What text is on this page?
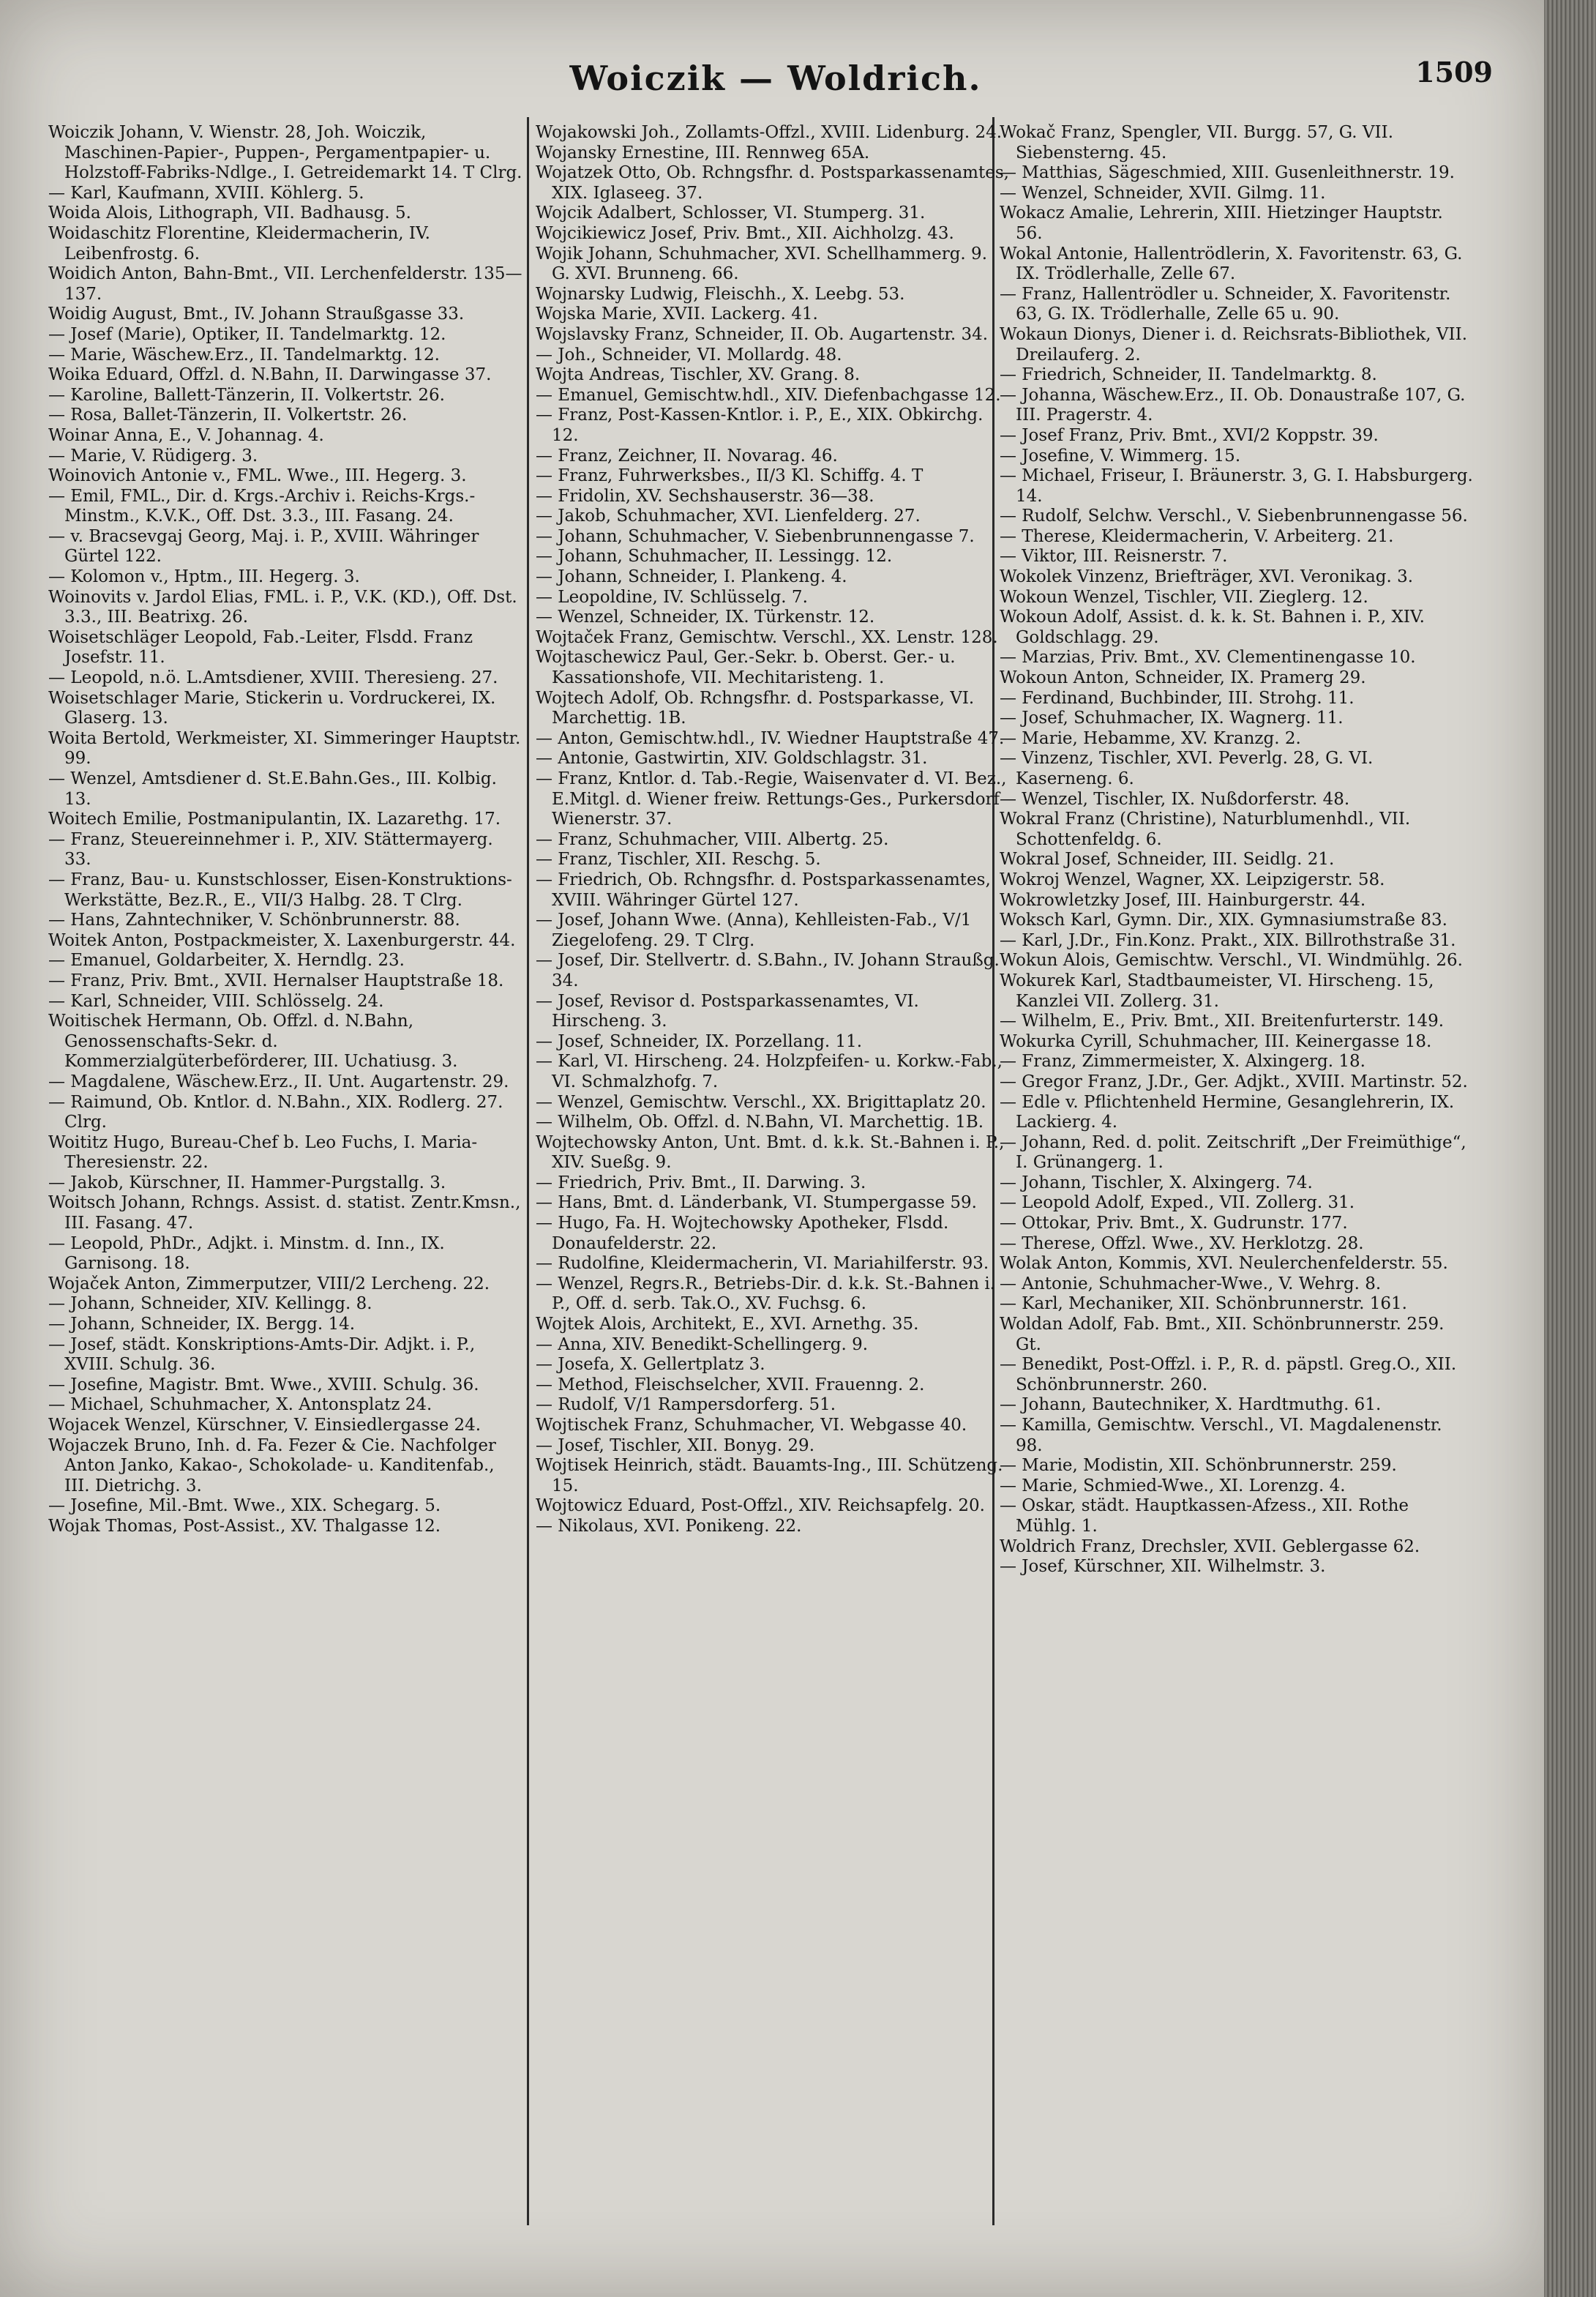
Woiczik — Woldrich.	1509

Woiczik Johann, V. Wienstr. 28, Joh. Woiczik, Maschinen-Papier-, Puppen-, Pergamentpapier- u. Holzstoff-Fabriks-Ndlge., I. Getreidemarkt 14. T Clrg.

— Karl, Kaufmann, XVIII. Köhlerg. 5.

Woida Alois, Lithograph, VII. Badhausg. 5.

Woidaschitz Florentine, Kleidermacherin, IV. Leibenfrostg. 6.

Woidich Anton, Bahn-Bmt., VII. Lerchenfelderstr. 135—137.

Woidig August, Bmt., IV. Johann Straußgasse 33.

— Josef (Marie), Optiker, II. Tandelmarktg. 12.

— Marie, Wäschew.Erz., II. Tandelmarktg. 12.

Woika Eduard, Offzl. d. N.Bahn, II. Darwingasse 37.

— Karoline, Ballett-Tänzerin, II. Volkertstr. 26.

— Rosa, Ballet-Tänzerin, II. Volkertstr. 26.

Woinar Anna, E., V. Johannag. 4.

— Marie, V. Rüdigerg. 3.

Woinovich Antonie v., FML. Wwe., III. Hegerg. 3.

— Emil, FML., Dir. d. Krgs.-Archiv i. Reichs-Krgs.-Minstm., K.V.K., Off. Dst. 3.3., III. Fasang. 24.

— v. Bracsevgaj Georg, Maj. i. P., XVIII. Währinger Gürtel 122.

— Kolomon v., Hptm., III. Hegerg. 3.

Woinovits v. Jardol Elias, FML. i. P., V.K. (KD.), Off. Dst. 3.3., III. Beatrixg. 26.

Woisetschläger Leopold, Fab.-Leiter, Flsdd. Franz Josefstr. 11.

— Leopold, n.ö. L.Amtsdiener, XVIII. Theresieng. 27.

Woisetschlager Marie, Stickerin u. Vordruckerei, IX. Glaserg. 13.

Woita Bertold, Werkmeister, XI. Simmeringer Hauptstr. 99.

— Wenzel, Amtsdiener d. St.E.Bahn.Ges., III. Kolbig. 13.

Woitech Emilie, Postmanipulantin, IX. Lazarethg. 17.

— Franz, Steuereinnehmer i. P., XIV. Stättermayerg. 33.

— Franz, Bau- u. Kunstschlosser, Eisen-Konstruktions-Werkstätte, Bez.R., E., VII/3 Halbg. 28. T Clrg.

— Hans, Zahntechniker, V. Schönbrunnerstr. 88.

Woitek Anton, Postpackmeister, X. Laxenburgerstr. 44.

— Emanuel, Goldarbeiter, X. Herndlg. 23.

— Franz, Priv. Bmt., XVII. Hernalser Hauptstraße 18.

— Karl, Schneider, VIII. Schlösselg. 24.

Woitischek Hermann, Ob. Offzl. d. N.Bahn, Genossenschafts-Sekr. d. Kommerzialgüterbeförderer, III. Uchatiusg. 3.

— Magdalene, Wäschew.Erz., II. Unt. Augartenstr. 29.

— Raimund, Ob. Kntlor. d. N.Bahn., XIX. Rodlerg. 27. Clrg.

Woititz Hugo, Bureau-Chef b. Leo Fuchs, I. Maria-Theresienstr. 22.

— Jakob, Kürschner, II. Hammer-Purgstallg. 3.

Woitsch Johann, Rchngs. Assist. d. statist. Zentr.Kmsn., III. Fasang. 47.

— Leopold, PhDr., Adjkt. i. Minstm. d. Inn., IX. Garnisong. 18.

Wojaček Anton, Zimmerputzer, VIII/2 Lercheng. 22.

— Johann, Schneider, XIV. Kellingg. 8.

— Johann, Schneider, IX. Bergg. 14.

— Josef, städt. Konskriptions-Amts-Dir. Adjkt. i. P., XVIII. Schulg. 36.

— Josefine, Magistr. Bmt. Wwe., XVIII. Schulg. 36.

— Michael, Schuhmacher, X. Antonsplatz 24.

Wojacek Wenzel, Kürschner, V. Einsiedlergasse 24.

Wojaczek Bruno, Inh. d. Fa. Fezer & Cie. Nachfolger Anton Janko, Kakao-, Schokolade- u. Kanditenfab., III. Dietrichg. 3.

— Josefine, Mil.-Bmt. Wwe., XIX. Schegarg. 5.

Wojak Thomas, Post-Assist., XV. Thalgasse 12.

Wojakowski Joh., Zollamts-Offzl., XVIII. Lidenburg. 24.

Wojansky Ernestine, III. Rennweg 65A.

Wojatzek Otto, Ob. Rchngsfhr. d. Postsparkassenamtes, XIX. Iglaseeg. 37.

Wojcik Adalbert, Schlosser, VI. Stumperg. 31.

Wojcikiewicz Josef, Priv. Bmt., XII. Aichholzg. 43.

Wojik Johann, Schuhmacher, XVI. Schellhammerg. 9. G. XVI. Brunneng. 66.

Wojnarsky Ludwig, Fleischh., X. Leebg. 53.

Wojska Marie, XVII. Lackerg. 41.

Wojslavsky Franz, Schneider, II. Ob. Augartenstr. 34.

— Joh., Schneider, VI. Mollardg. 48.

Wojta Andreas, Tischler, XV. Grang. 8.

— Emanuel, Gemischtw.hdl., XIV. Diefenbachgasse 12.

— Franz, Post-Kassen-Kntlor. i. P., E., XIX. Obkirchg. 12.

— Franz, Zeichner, II. Novarag. 46.

— Franz, Fuhrwerksbes., II/3 Kl. Schiffg. 4. T

— Fridolin, XV. Sechshauserstr. 36—38.

— Jakob, Schuhmacher, XVI. Lienfelderg. 27.

— Johann, Schuhmacher, V. Siebenbrunnengasse 7.

— Johann, Schuhmacher, II. Lessingg. 12.

— Johann, Schneider, I. Plankeng. 4.

— Leopoldine, IV. Schlüsselg. 7.

— Wenzel, Schneider, IX. Türkenstr. 12.

Wojtaček Franz, Gemischtw. Verschl., XX. Lenstr. 128.

Wojtaschewicz Paul, Ger.-Sekr. b. Oberst. Ger.- u. Kassationshofe, VII. Mechitaristeng. 1.

Wojtech Adolf, Ob. Rchngsfhr. d. Postsparkasse, VI. Marchettig. 1B.

— Anton, Gemischtw.hdl., IV. Wiedner Hauptstraße 47.

— Antonie, Gastwirtin, XIV. Goldschlagstr. 31.

— Franz, Kntlor. d. Tab.-Regie, Waisenvater d. VI. Bez., E.Mitgl. d. Wiener freiw. Rettungs-Ges., Purkersdorf Wienerstr. 37.

— Franz, Schuhmacher, VIII. Albertg. 25.

— Franz, Tischler, XII. Reschg. 5.

— Friedrich, Ob. Rchngsfhr. d. Postsparkassenamtes, XVIII. Währinger Gürtel 127.

— Josef, Johann Wwe. (Anna), Kehlleisten-Fab., V/1 Ziegelofeng. 29. T Clrg.

— Josef, Dir. Stellvertr. d. S.Bahn., IV. Johann Straußg. 34.

— Josef, Revisor d. Postsparkassenamtes, VI. Hirscheng. 3.

— Josef, Schneider, IX. Porzellang. 11.

— Karl, VI. Hirscheng. 24. Holzpfeifen- u. Korkw.-Fab., VI. Schmalzhofg. 7.

— Wenzel, Gemischtw. Verschl., XX. Brigittaplatz 20.

— Wilhelm, Ob. Offzl. d. N.Bahn, VI. Marchettig. 1B.

Wojtechowsky Anton, Unt. Bmt. d. k.k. St.-Bahnen i. P., XIV. Sueßg. 9.

— Friedrich, Priv. Bmt., II. Darwing. 3.

— Hans, Bmt. d. Länderbank, VI. Stumpergasse 59.

— Hugo, Fa. H. Wojtechowsky Apotheker, Flsdd. Donaufelderstr. 22.

— Rudolfine, Kleidermacherin, VI. Mariahilferstr. 93.

— Wenzel, Regrs.R., Betriebs-Dir. d. k.k. St.-Bahnen i. P., Off. d. serb. Tak.O., XV. Fuchsg. 6.

Wojtek Alois, Architekt, E., XVI. Arnethg. 35.

— Anna, XIV. Benedikt-Schellingerg. 9.

— Josefa, X. Gellertplatz 3.

— Method, Fleischselcher, XVII. Frauenng. 2.

— Rudolf, V/1 Rampersdorferg. 51.

Wojtischek Franz, Schuhmacher, VI. Webgasse 40.

— Josef, Tischler, XII. Bonyg. 29.

Wojtisek Heinrich, städt. Bauamts-Ing., III. Schützeng. 15.

Wojtowicz Eduard, Post-Offzl., XIV. Reichsapfelg. 20.

— Nikolaus, XVI. Ponikeng. 22.

Wokač Franz, Spengler, VII. Burgg. 57, G. VII. Siebensterng. 45.

— Matthias, Sägeschmied, XIII. Gusenleithnerstr. 19.

— Wenzel, Schneider, XVII. Gilmg. 11.

Wokacz Amalie, Lehrerin, XIII. Hietzinger Hauptstr. 56.

Wokal Antonie, Hallentrödlerin, X. Favoritenstr. 63, G. IX. Trödlerhalle, Zelle 67.

— Franz, Hallentrödler u. Schneider, X. Favoritenstr. 63, G. IX. Trödlerhalle, Zelle 65 u. 90.

Wokaun Dionys, Diener i. d. Reichsrats-Bibliothek, VII. Dreilauferg. 2.

— Friedrich, Schneider, II. Tandelmarktg. 8.

— Johanna, Wäschew.Erz., II. Ob. Donaustraße 107, G. III. Pragerstr. 4.

— Josef Franz, Priv. Bmt., XVI/2 Koppstr. 39.

— Josefine, V. Wimmerg. 15.

— Michael, Friseur, I. Bräunerstr. 3, G. I. Habsburgerg. 14.

— Rudolf, Selchw. Verschl., V. Siebenbrunnengasse 56.

— Therese, Kleidermacherin, V. Arbeiterg. 21.

— Viktor, III. Reisnerstr. 7.

Wokolek Vinzenz, Briefträger, XVI. Veronikag. 3.

Wokoun Wenzel, Tischler, VII. Zieglerg. 12.

Wokoun Adolf, Assist. d. k. k. St. Bahnen i. P., XIV. Goldschlagg. 29.

— Marzias, Priv. Bmt., XV. Clementinengasse 10.

Wokoun Anton, Schneider, IX. Pramerg 29.

— Ferdinand, Buchbinder, III. Strohg. 11.

— Josef, Schuhmacher, IX. Wagnerg. 11.

— Marie, Hebamme, XV. Kranzg. 2.

— Vinzenz, Tischler, XVI. Peverlg. 28, G. VI. Kaserneng. 6.

— Wenzel, Tischler, IX. Nußdorferstr. 48.

Wokral Franz (Christine), Naturblumenhdl., VII. Schottenfeldg. 6.

Wokral Josef, Schneider, III. Seidlg. 21.

Wokroj Wenzel, Wagner, XX. Leipzigerstr. 58.

Wokrowletzky Josef, III. Hainburgerstr. 44.

Woksch Karl, Gymn. Dir., XIX. Gymnasiumstraße 83.

— Karl, J.Dr., Fin.Konz. Prakt., XIX. Billrothstraße 31.

Wokun Alois, Gemischtw. Verschl., VI. Windmühlg. 26.

Wokurek Karl, Stadtbaumeister, VI. Hirscheng. 15, Kanzlei VII. Zollerg. 31.

— Wilhelm, E., Priv. Bmt., XII. Breitenfurterstr. 149.

Wokurka Cyrill, Schuhmacher, III. Keinergasse 18.

— Franz, Zimmermeister, X. Alxingerg. 18.

— Gregor Franz, J.Dr., Ger. Adjkt., XVIII. Martinstr. 52.

— Edle v. Pflichtenheld Hermine, Gesanglehrerin, IX. Lackierg. 4.

— Johann, Red. d. polit. Zeitschrift „Der Freimüthige“, I. Grünangerg. 1.

— Johann, Tischler, X. Alxingerg. 74.

— Leopold Adolf, Exped., VII. Zollerg. 31.

— Ottokar, Priv. Bmt., X. Gudrunstr. 177.

— Therese, Offzl. Wwe., XV. Herklotzg. 28.

Wolak Anton, Kommis, XVI. Neulerchenfelderstr. 55.

— Antonie, Schuhmacher-Wwe., V. Wehrg. 8.

— Karl, Mechaniker, XII. Schönbrunnerstr. 161.

Woldan Adolf, Fab. Bmt., XII. Schönbrunnerstr. 259. Gt.

— Benedikt, Post-Offzl. i. P., R. d. päpstl. Greg.O., XII. Schönbrunnerstr. 260.

— Johann, Bautechniker, X. Hardtmuthg. 61.

— Kamilla, Gemischtw. Verschl., VI. Magdalenenstr. 98.

— Marie, Modistin, XII. Schönbrunnerstr. 259.

— Marie, Schmied-Wwe., XI. Lorenzg. 4.

— Oskar, städt. Hauptkassen-Afzess., XII. Rothe Mühlg. 1.

Woldrich Franz, Drechsler, XVII. Geblergasse 62.

— Josef, Kürschner, XII. Wilhelmstr. 3.
